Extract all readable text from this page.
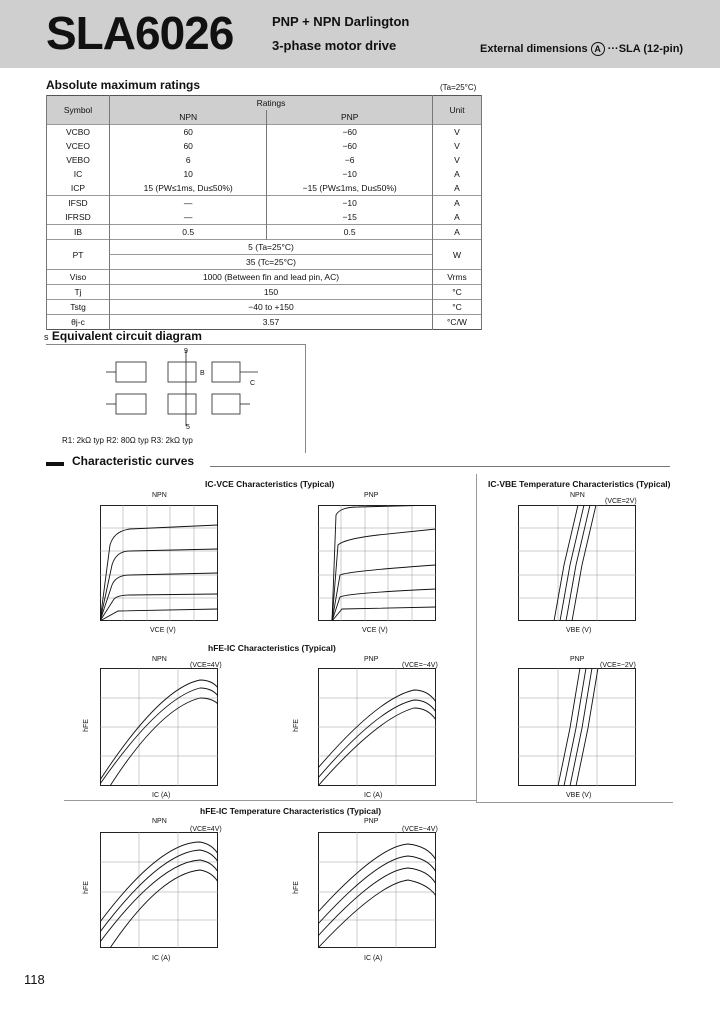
SLA6026	PNP + NPN Darlington
3-phase motor drive	External dimensions A ···SLA (12-pin)
Absolute maximum ratings	(Ta=25°C)
Symbol	Ratings		Unit
	NPN	PNP	
VCBO	60	−60	V
VCEO	60	−60	V
VEBO	6	−6	V
IC	10	−10	A
ICP	15 (PW≤1ms, Du≤50%)	−15 (PW≤1ms, Du≤50%)	A
IFSD	—	−10	A
IFRSD	—	−15	A
IB	0.5	0.5	A
PT	5 (Ta=25°C)		W
	35 (Tc=25°C)		
Viso	1000 (Between fin and lead pin, AC)		Vrms
Tj	150		°C
Tstg	−40 to +150		°C
θj-c	3.57		°C/W
s Equivalent circuit diagram
9
5
B
C
R1: 2kΩ typ R2: 80Ω typ R3: 2kΩ typ
Characteristic curves
IC-VCE Characteristics (Typical)	IC-VBE Temperature Characteristics (Typical)
hFE-IC Characteristics (Typical)
hFE-IC Temperature Characteristics (Typical)
NPN	PNP	NPN
NPN	PNP	PNP
NPN	PNP
(VCE=2V)
(VCE=4V)	(VCE=−4V)	(VCE=−2V)
(VCE=4V)	(VCE=−4V)
VCE (V)	VCE (V)	VBE (V)
IC (A)	IC (A)	VBE (V)
IC (A)	IC (A)
hFE	hFE
hFE	hFE
118
